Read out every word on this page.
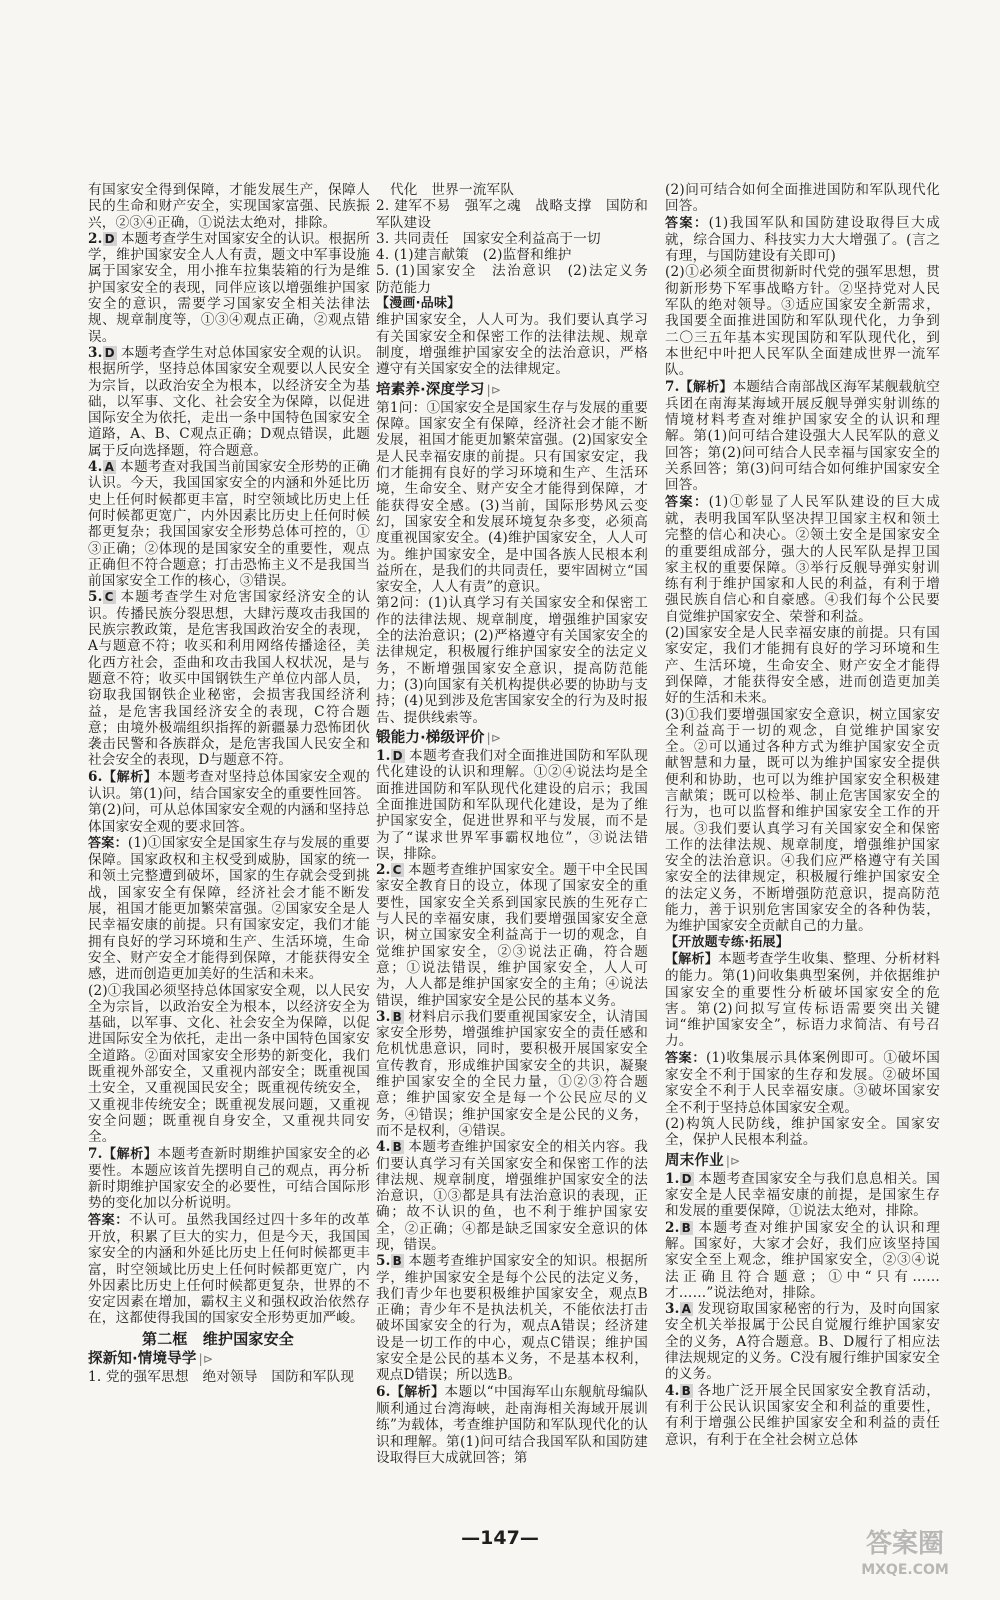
有国家安全得到保障，才能发展生产，保障人民的生命和财产安全，实现国家富强、民族振兴，②③④正确，①说法太绝对，排除。

2. D 本题考查学生对国家安全的认识。根据所学，维护国家安全人人有责，题文中军事设施属于国家安全，用小推车拉集装箱的行为是维护国家安全的表现，同伴应该以增强维护国家安全的意识，需要学习国家安全相关法律法规、规章制度等，①③④观点正确，②观点错误。

3. D 本题考查学生对总体国家安全观的认识。根据所学，坚持总体国家安全观要以人民安全为宗旨，以政治安全为根本，以经济安全为基础，以军事、文化、社会安全为保障，以促进国际安全为依托，走出一条中国特色国家安全道路，A、B、C观点正确；D观点错误，此题属于反向选择题，符合题意。

4. A 本题考查对我国当前国家安全形势的正确认识。今天，我国国家安全的内涵和外延比历史上任何时候都更丰富，时空领域比历史上任何时候都更宽广，内外因素比历史上任何时候都更复杂；我国国家安全形势总体可控的，①③正确；②体现的是国家安全的重要性，观点正确但不符合题意；打击恐怖主义不是我国当前国家安全工作的核心，③错误。

5. C 本题考查学生对危害国家经济安全的认识。传播民族分裂思想，大肆污蔑攻击我国的民族宗教政策，是危害我国政治安全的表现，A与题意不符；收买和利用网络传播途径，美化西方社会，歪曲和攻击我国人权状况，是与题意不符；收买中国钢铁生产单位内部人员，窃取我国钢铁企业秘密，会损害我国经济利益，是危害我国经济安全的表现，C符合题意；由境外极端组织指挥的新疆暴力恐怖团伙袭击民警和各族群众，是危害我国人民安全和社会安全的表现，D与题意不符。

6.【解析】本题考查对坚持总体国家安全观的认识。第(1)问，结合国家安全的重要性回答。第(2)问，可从总体国家安全观的内涵和坚持总体国家安全观的要求回答。

答案：(1)①国家安全是国家生存与发展的重要保障。国家政权和主权受到威胁，国家的统一和领土完整遭到破坏，国家的生存就会受到挑战，国家安全有保障，经济社会才能不断发展，祖国才能更加繁荣富强。②国家安全是人民幸福安康的前提。只有国家安定，我们才能拥有良好的学习环境和生产、生活环境，生命安全、财产安全才能得到保障，才能获得安全感，进而创造更加美好的生活和未来。

(2)①我国必须坚持总体国家安全观，以人民安全为宗旨，以政治安全为根本，以经济安全为基础，以军事、文化、社会安全为保障，以促进国际安全为依托，走出一条中国特色国家安全道路。②面对国家安全形势的新变化，我们既重视外部安全，又重视内部安全；既重视国土安全，又重视国民安全；既重视传统安全，又重视非传统安全；既重视发展问题，又重视安全问题；既重视自身安全，又重视共同安全。

7.【解析】本题考查新时期维护国家安全的必要性。本题应该首先摆明自己的观点，再分析新时期维护国家安全的必要性，可结合国际形势的变化加以分析说明。

答案：不认可。虽然我国经过四十多年的改革开放，积累了巨大的实力，但是今天，我国国家安全的内涵和外延比历史上任何时候都更丰富，时空领域比历史上任何时候都更宽广，内外因素比历史上任何时候都更复杂，世界的不安定因素在增加，霸权主义和强权政治依然存在，这都使得我国的国家安全形势更加严峻。

第二框　维护国家安全
探新知·情境导学 |⊳

1. 党的强军思想　绝对领导　国防和军队现

代化　世界一流军队

2. 建军不易　强军之魂　战略支撑　国防和军队建设

3. 共同责任　国家安全利益高于一切

4. (1)建言献策　(2)监督和维护

5. (1)国家安全　法治意识　(2)法定义务　防范能力

【漫画·品味】

维护国家安全，人人可为。我们要认真学习有关国家安全和保密工作的法律法规、规章制度，增强维护国家安全的法治意识，严格遵守有关国家安全的法律规定。

培素养·深度学习 |⊳

第1问：①国家安全是国家生存与发展的重要保障。国家安全有保障，经济社会才能不断发展，祖国才能更加繁荣富强。(2)国家安全是人民幸福安康的前提。只有国家安定，我们才能拥有良好的学习环境和生产、生活环境，生命安全、财产安全才能得到保障，才能获得安全感。(3)当前，国际形势风云变幻，国家安全和发展环境复杂多变，必须高度重视国家安全。(4)维护国家安全，人人可为。维护国家安全，是中国各族人民根本利益所在，是我们的共同责任，要牢固树立“国家安全，人人有责”的意识。

第2问：(1)认真学习有关国家安全和保密工作的法律法规、规章制度，增强维护国家安全的法治意识；(2)严格遵守有关国家安全的法律规定，积极履行维护国家安全的法定义务，不断增强国家安全意识，提高防范能力；(3)向国家有关机构提供必要的协助与支持；(4)见到涉及危害国家安全的行为及时报告、提供线索等。

锻能力·梯级评价 |⊳

1. D 本题考查我们对全面推进国防和军队现代化建设的认识和理解。①②④说法均是全面推进国防和军队现代化建设的启示；我国全面推进国防和军队现代化建设，是为了维护国家安全，促进世界和平与发展，而不是为了“谋求世界军事霸权地位”，③说法错误，排除。

2. C 本题考查维护国家安全。题干中全民国家安全教育日的设立，体现了国家安全的重要性，国家安全关系到国家民族的生死存亡与人民的幸福安康，我们要增强国家安全意识，树立国家安全利益高于一切的观念，自觉维护国家安全，②③说法正确，符合题意；①说法错误，维护国家安全，人人可为，人人都是维护国家安全的主角；④说法错误，维护国家安全是公民的基本义务。

3. B 材料启示我们要重视国家安全，认清国家安全形势，增强维护国家安全的责任感和危机忧患意识，同时，要积极开展国家安全宣传教育，形成维护国家安全的共识，凝聚维护国家安全的全民力量，①②③符合题意；维护国家安全是每一个公民应尽的义务，④错误；维护国家安全是公民的义务，而不是权利，④错误。

4. B 本题考查维护国家安全的相关内容。我们要认真学习有关国家安全和保密工作的法律法规、规章制度，增强维护国家安全的法治意识，①③都是具有法治意识的表现，正确；故不认识的鱼，也不利于维护国家安全，②正确；④都是缺乏国家安全意识的体现，错误。

5. B 本题考查维护国家安全的知识。根据所学，维护国家安全是每个公民的法定义务，我们青少年也要积极维护国家安全，观点B正确；青少年不是执法机关，不能依法打击破坏国家安全的行为，观点A错误；经济建设是一切工作的中心，观点C错误；维护国家安全是公民的基本义务，不是基本权利，观点D错误；所以选B。

6.【解析】本题以“中国海军山东舰航母编队顺利通过台湾海峡，赴南海相关海域开展训练”为载体，考查维护国防和军队现代化的认识和理解。第(1)问可结合我国军队和国防建设取得巨大成就回答；第

(2)问可结合如何全面推进国防和军队现代化回答。

答案：(1)我国军队和国防建设取得巨大成就，综合国力、科技实力大大增强了。(言之有理，与国防建设有关即可)

(2)①必须全面贯彻新时代党的强军思想，贯彻新形势下军事战略方针。②坚持党对人民军队的绝对领导。③适应国家安全新需求，我国要全面推进国防和军队现代化，力争到二〇三五年基本实现国防和军队现代化，到本世纪中叶把人民军队全面建成世界一流军队。

7.【解析】本题结合南部战区海军某舰载航空兵团在南海某海域开展反舰导弹实射训练的情境材料考查对维护国家安全的认识和理解。第(1)问可结合建设强大人民军队的意义回答；第(2)问可结合人民幸福与国家安全的关系回答；第(3)问可结合如何维护国家安全回答。

答案：(1)①彰显了人民军队建设的巨大成就，表明我国军队坚决捍卫国家主权和领土完整的信心和决心。②领土安全是国家安全的重要组成部分，强大的人民军队是捍卫国家主权的重要保障。③举行反舰导弹实射训练有利于维护国家和人民的利益，有利于增强民族自信心和自豪感。④我们每个公民要自觉维护国家安全、荣誉和利益。

(2)国家安全是人民幸福安康的前提。只有国家安定，我们才能拥有良好的学习环境和生产、生活环境，生命安全、财产安全才能得到保障，才能获得安全感，进而创造更加美好的生活和未来。

(3)①我们要增强国家安全意识，树立国家安全利益高于一切的观念，自觉维护国家安全。②可以通过各种方式为维护国家安全贡献智慧和力量，既可以为维护国家安全提供便利和协助，也可以为维护国家安全积极建言献策；既可以检举、制止危害国家安全的行为，也可以监督和维护国家安全工作的开展。③我们要认真学习有关国家安全和保密工作的法律法规、规章制度，增强维护国家安全的法治意识。④我们应严格遵守有关国家安全的法律规定，积极履行维护国家安全的法定义务，不断增强防范意识，提高防范能力，善于识别危害国家安全的各种伪装，为维护国家安全贡献自己的力量。

【开放题专练·拓展】

【解析】本题考查学生收集、整理、分析材料的能力。第(1)问收集典型案例，并依据维护国家安全的重要性分析破坏国家安全的危害。第(2)问拟写宣传标语需要突出关键词“维护国家安全”，标语力求简洁、有号召力。

答案：(1)收集展示具体案例即可。①破坏国家安全不利于国家的生存和发展。②破坏国家安全不利于人民幸福安康。③破坏国家安全不利于坚持总体国家安全观。

(2)构筑人民防线，维护国家安全。国家安全，保护人民根本利益。

周末作业 |⊳

1. D 本题考查国家安全与我们息息相关。国家安全是人民幸福安康的前提，是国家生存和发展的重要保障，①说法太绝对，排除。

2. B 本题考查对维护国家安全的认识和理解。国家好，大家才会好，我们应该坚持国家安全至上观念，维护国家安全，②③④说法正确且符合题意；①中“只有……才……”说法绝对，排除。

3. A 发现窃取国家秘密的行为，及时向国家安全机关举报属于公民自觉履行维护国家安全的义务，A符合题意。B、D履行了相应法律法规规定的义务。C没有履行维护国家安全的义务。

4. B 各地广泛开展全民国家安全教育活动，有利于公民认识国家安全和利益的重要性，有利于增强公民维护国家安全和利益的责任意识，有利于在全社会树立总体

—147—	答案圈
MXQE.COM
